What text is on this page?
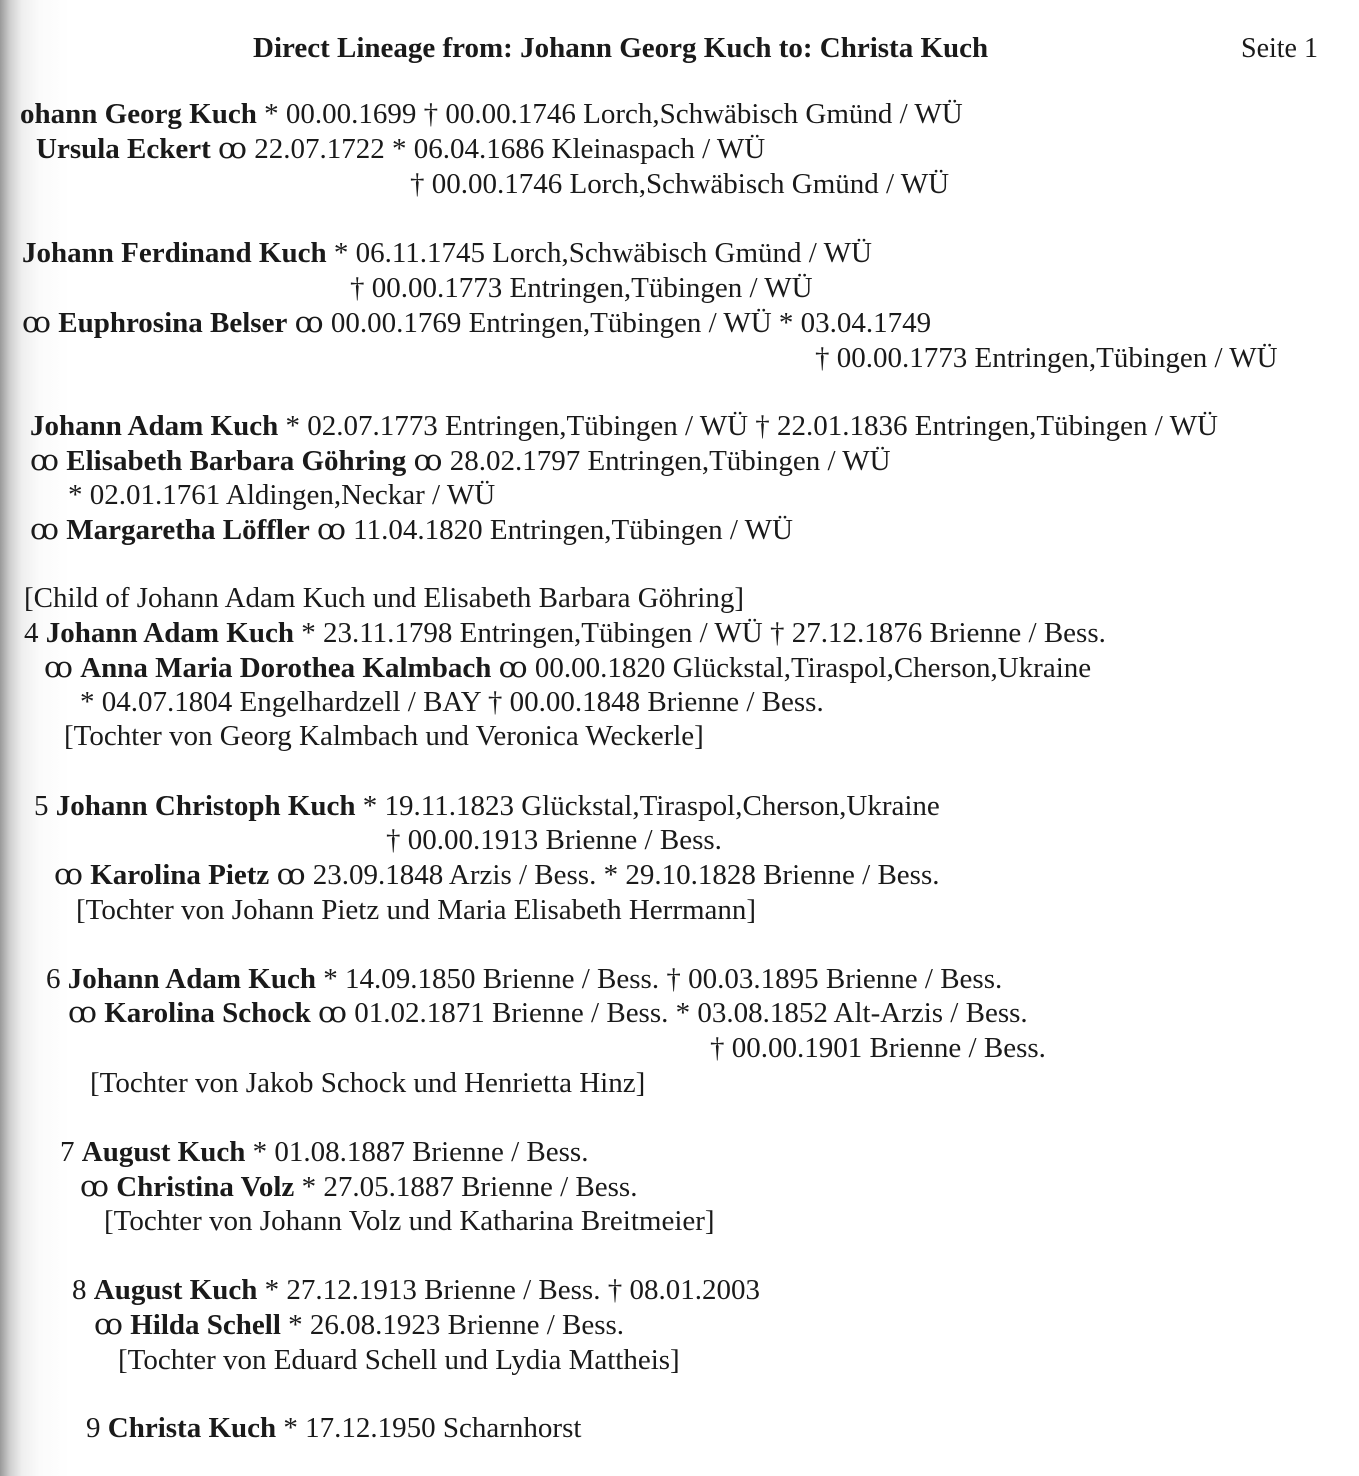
Direct Lineage from: Johann Georg Kuch to: Christa Kuch	Seite 1
ohann Georg Kuch * 00.00.1699 † 00.00.1746 Lorch,Schwäbisch Gmünd / WÜ
Ursula Eckert ꝏ 22.07.1722 * 06.04.1686 Kleinaspach / WÜ
† 00.00.1746 Lorch,Schwäbisch Gmünd / WÜ
Johann Ferdinand Kuch * 06.11.1745 Lorch,Schwäbisch Gmünd / WÜ
† 00.00.1773 Entringen,Tübingen / WÜ
ꝏ Euphrosina Belser ꝏ 00.00.1769 Entringen,Tübingen / WÜ * 03.04.1749
† 00.00.1773 Entringen,Tübingen / WÜ
Johann Adam Kuch * 02.07.1773 Entringen,Tübingen / WÜ † 22.01.1836 Entringen,Tübingen / WÜ
ꝏ Elisabeth Barbara Göhring ꝏ 28.02.1797 Entringen,Tübingen / WÜ
* 02.01.1761 Aldingen,Neckar / WÜ
ꝏ Margaretha Löffler ꝏ 11.04.1820 Entringen,Tübingen / WÜ
[Child of Johann Adam Kuch und Elisabeth Barbara Göhring]
4 Johann Adam Kuch * 23.11.1798 Entringen,Tübingen / WÜ † 27.12.1876 Brienne / Bess.
ꝏ Anna Maria Dorothea Kalmbach ꝏ 00.00.1820 Glückstal,Tiraspol,Cherson,Ukraine
* 04.07.1804 Engelhardzell / BAY † 00.00.1848 Brienne / Bess.
[Tochter von Georg Kalmbach und Veronica Weckerle]
5 Johann Christoph Kuch * 19.11.1823 Glückstal,Tiraspol,Cherson,Ukraine
† 00.00.1913 Brienne / Bess.
ꝏ Karolina Pietz ꝏ 23.09.1848 Arzis / Bess. * 29.10.1828 Brienne / Bess.
[Tochter von Johann Pietz und Maria Elisabeth Herrmann]
6 Johann Adam Kuch * 14.09.1850 Brienne / Bess. † 00.03.1895 Brienne / Bess.
ꝏ Karolina Schock ꝏ 01.02.1871 Brienne / Bess. * 03.08.1852 Alt-Arzis / Bess.
† 00.00.1901 Brienne / Bess.
[Tochter von Jakob Schock und Henrietta Hinz]
7 August Kuch * 01.08.1887 Brienne / Bess.
ꝏ Christina Volz * 27.05.1887 Brienne / Bess.
[Tochter von Johann Volz und Katharina Breitmeier]
8 August Kuch * 27.12.1913 Brienne / Bess. † 08.01.2003
ꝏ Hilda Schell * 26.08.1923 Brienne / Bess.
[Tochter von Eduard Schell und Lydia Mattheis]
9 Christa Kuch * 17.12.1950 Scharnhorst
